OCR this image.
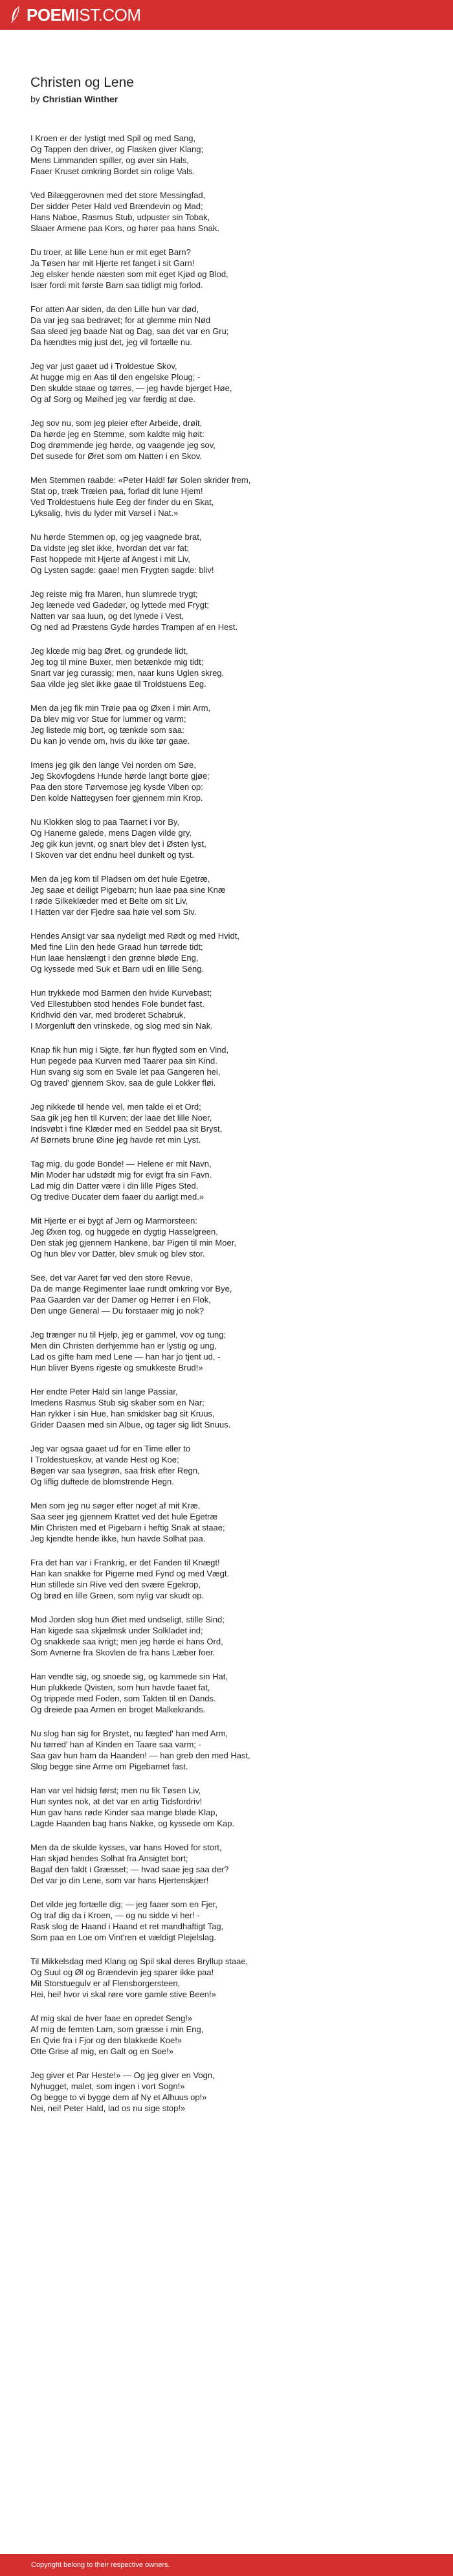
POEM IST.COM
Christen og Lene

by Christian Winther

I Kroen er der lystigt med Spil og med Sang,
Og Tappen den driver, og Flasken giver Klang;
Mens Limmanden spiller, og øver sin Hals,
Faaer Kruset omkring Bordet sin rolige Vals.

Ved Bilæggerovnen med det store Messingfad,
Der sidder Peter Hald ved Brændevin og Mad;
Hans Naboe, Rasmus Stub, udpuster sin Tobak,
Slaaer Armene paa Kors, og hører paa hans Snak.

Du troer, at lille Lene hun er mit eget Barn?
Ja Tøsen har mit Hjerte ret fanget i sit Garn!
Jeg elsker hende næsten som mit eget Kjød og Blod,
Især fordi mit første Barn saa tidligt mig forlod.

For atten Aar siden, da den Lille hun var død,
Da var jeg saa bedrøvet; for at glemme min Nød
Saa sleed jeg baade Nat og Dag, saa det var en Gru;
Da hændtes mig just det, jeg vil fortælle nu.

Jeg var just gaaet ud i Troldestue Skov,
At hugge mig en Aas til den engelske Ploug; -
Den skulde staae og tørres, — jeg havde bjerget Høe,
Og af Sorg og Møihed jeg var færdig at døe.

Jeg sov nu, som jeg pleier efter Arbeide, drøit,
Da hørde jeg en Stemme, som kaldte mig høit:
Dog drømmende jeg hørde, og vaagende jeg sov,
Det susede for Øret som om Natten i en Skov.

Men Stemmen raabde: «Peter Hald! før Solen skrider frem,
Stat op, træk Træien paa, forlad dit lune Hjem!
Ved Troldestuens hule Eeg der finder du en Skat,
Lyksalig, hvis du lyder mit Varsel i Nat.»

Nu hørde Stemmen op, og jeg vaagnede brat,
Da vidste jeg slet ikke, hvordan det var fat;
Fast hoppede mit Hjerte af Angest i mit Liv,
Og Lysten sagde: gaae! men Frygten sagde: bliv!

Jeg reiste mig fra Maren, hun slumrede trygt;
Jeg lænede ved Gadedør, og lyttede med Frygt;
Natten var saa luun, og det lynede i Vest,
Og ned ad Præstens Gyde hørdes Trampen af en Hest.

Jeg klœde mig bag Øret, og grundede lidt,
Jeg tog til mine Buxer, men betænkde mig tidt;
Snart var jeg curassig; men, naar kuns Uglen skreg,
Saa vilde jeg slet ikke gaae til Troldstuens Eeg.

Men da jeg fik min Trøie paa og Øxen i min Arm,
Da blev mig vor Stue for lummer og varm;
Jeg listede mig bort, og tænkde som saa:
Du kan jo vende om, hvis du ikke tør gaae.

Imens jeg gik den lange Vei norden om Søe,
Jeg Skovfogdens Hunde hørde langt borte gjøe;
Paa den store Tørvemose jeg kysde Viben op:
Den kolde Nattegysen foer gjennem min Krop.

Nu Klokken slog to paa Taarnet i vor By,
Og Hanerne galede, mens Dagen vilde gry.
Jeg gik kun jevnt, og snart blev det i Østen lyst,
I Skoven var det endnu heel dunkelt og tyst.

Men da jeg kom til Pladsen om det hule Egetræ,
Jeg saae et deiligt Pigebarn; hun laae paa sine Knæ
I røde Silkeklæder med et Belte om sit Liv,
I Hatten var der Fjedre saa høie vel som Siv.

Hendes Ansigt var saa nydeligt med Rødt og med Hvidt,
Med fine Liin den hede Graad hun tørrede tidt;
Hun laae henslængt i den grønne bløde Eng,
Og kyssede med Suk et Barn udi en lille Seng.

Hun trykkede mod Barmen den hvide Kurvebast;
Ved Ellestubben stod hendes Fole bundet fast.
Kridhvid den var, med broderet Schabruk,
I Morgenluft den vrinskede, og slog med sin Nak.

Knap fik hun mig i Sigte, før hun flygted som en Vind,
Hun pegede paa Kurven med Taarer paa sin Kind.
Hun svang sig som en Svale let paa Gangeren hei,
Og traved' gjennem Skov, saa de gule Lokker fløi.

Jeg nikkede til hende vel, men talde ei et Ord;
Saa gik jeg hen til Kurven; der laae det lille Noer,
Indsvøbt i fine Klæder med en Seddel paa sit Bryst,
Af Børnets brune Øine jeg havde ret min Lyst.

Tag mig, du gode Bonde! — Helene er mit Navn,
Min Moder har udstødt mig for evigt fra sin Favn.
Lad mig din Datter være i din lille Piges Sted,
Og tredive Ducater dem faaer du aarligt med.»

Mit Hjerte er ei bygt af Jern og Marmorsteen:
Jeg Øxen tog, og huggede en dygtig Hasselgreen,
Den stak jeg gjennem Hankene, bar Pigen til min Moer,
Og hun blev vor Datter, blev smuk og blev stor.

See, det var Aaret før ved den store Revue,
Da de mange Regimenter laae rundt omkring vor Bye,
Paa Gaarden var der Damer og Herrer i en Flok,
Den unge General — Du forstaaer mig jo nok?

Jeg trænger nu til Hjelp, jeg er gammel, vov og tung;
Men din Christen derhjemme han er lystig og ung,
Lad os gifte ham med Lene — han har jo tjent ud, -
Hun bliver Byens rigeste og smukkeste Brud!»

Her endte Peter Hald sin lange Passiar,
Imedens Rasmus Stub sig skaber som en Nar;
Han rykker i sin Hue, han smidsker bag sit Kruus,
Grider Daasen med sin Albue, og tager sig lidt Snuus.

Jeg var ogsaa gaaet ud for en Time eller to
I Troldestueskov, at vande Hest og Koe;
Bøgen var saa lysegrøn, saa frisk efter Regn,
Og liflig duftede de blomstrende Hegn.

Men som jeg nu søger efter noget af mit Kræ,
Saa seer jeg gjennem Krattet ved det hule Egetræ
Min Christen med et Pigebarn i heftig Snak at staae;
Jeg kjendte hende ikke, hun havde Solhat paa.

Fra det han var i Frankrig, er det Fanden til Knægt!
Han kan snakke for Pigerne med Fynd og med Vægt.
Hun stillede sin Rive ved den svære Egekrop,
Og brød en lille Green, som nylig var skudt op.

Mod Jorden slog hun Øiet med undseligt, stille Sind;
Han kigede saa skjælmsk under Solkladet ind;
Og snakkede saa ivrigt; men jeg hørde ei hans Ord,
Som Avnerne fra Skovlen de fra hans Læber foer.

Han vendte sig, og snoede sig, og kammede sin Hat,
Hun plukkede Qvisten, som hun havde faaet fat,
Og trippede med Foden, som Takten til en Dands.
Og dreiede paa Armen en broget Malkekrands.

Nu slog han sig for Brystet, nu fægted' han med Arm,
Nu tørred' han af Kinden en Taare saa varm; -
Saa gav hun ham da Haanden! — han greb den med Hast,
Slog begge sine Arme om Pigebarnet fast.

Han var vel hidsig først; men nu fik Tøsen Liv,
Hun syntes nok, at det var en artig Tidsfordriv!
Hun gav hans røde Kinder saa mange bløde Klap,
Lagde Haanden bag hans Nakke, og kyssede om Kap.

Men da de skulde kysses, var hans Hoved for stort,
Han skjød hendes Solhat fra Ansigtet bort;
Bagaf den faldt i Græsset; — hvad saae jeg saa der?
Det var jo din Lene, som var hans Hjertenskjær!

Det vilde jeg fortælle dig; — jeg faaer som en Fjer,
Og traf dig da i Kroen, — og nu sidde vi her! -
Rask slog de Haand i Haand et ret mandhaftigt Tag,
Som paa en Loe om Vint'ren et vældigt Plejelslag.

Til Mikkelsdag med Klang og Spil skal deres Bryllup staae,
Og Suul og Øl og Brændevin jeg sparer ikke paa!
Mit Storstuegulv er af Flensborgersteen,
Hei, hei! hvor vi skal røre vore gamle stive Been!»

Af mig skal de hver faae en opredet Seng!»
Af mig de femten Lam, som græsse i min Eng,
En Qvie fra i Fjor og den blakkede Koe!»
Otte Grise af mig, en Galt og en Soe!»

Jeg giver et Par Heste!» — Og jeg giver en Vogn,
Nyhugget, malet, som ingen i vort Sogn!»
Og begge to vi bygge dem af Ny et Alhuus op!»
Nei, nei! Peter Hald, lad os nu sige stop!»

Copyright belong to their respective owners.
